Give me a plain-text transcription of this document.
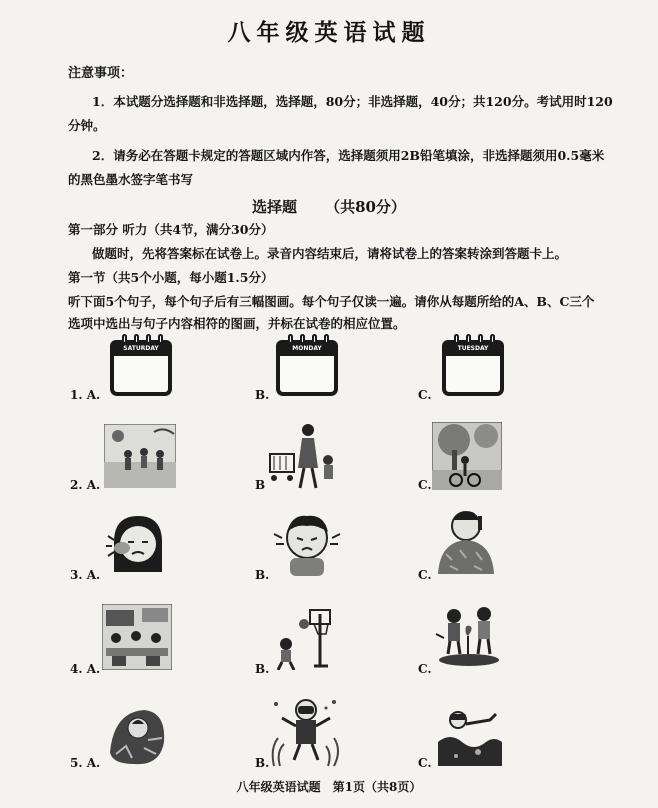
八年级英语试题
注意事项：
1．本试题分选择题和非选择题，选择题，80分；非选择题，40分；共120分。考试用时120
分钟。
2．请务必在答题卡规定的答题区域内作答，选择题须用2B铅笔填涂，非选择题须用0.5毫米
的黑色墨水签字笔书写
选择题 （共80分）
第一部分 听力（共4节，满分30分）
做题时，先将答案标在试卷上。录音内容结束后，请将试卷上的答案转涂到答题卡上。
第一节（共5个小题，每小题1.5分）
听下面5个句子，每个句子后有三幅图画。每个句子仅读一遍。请你从每题所给的A、B、C三个
选项中选出与句子内容相符的图画，并标在试卷的相应位置。
1. A.	B.	C.
SATURDAY	MONDAY	TUESDAY
2. A.	B	C.
3. A.	B.	C.
4. A.	B.	C.
5. A.	B.	C.
八年级英语试题 第1页（共8页）
